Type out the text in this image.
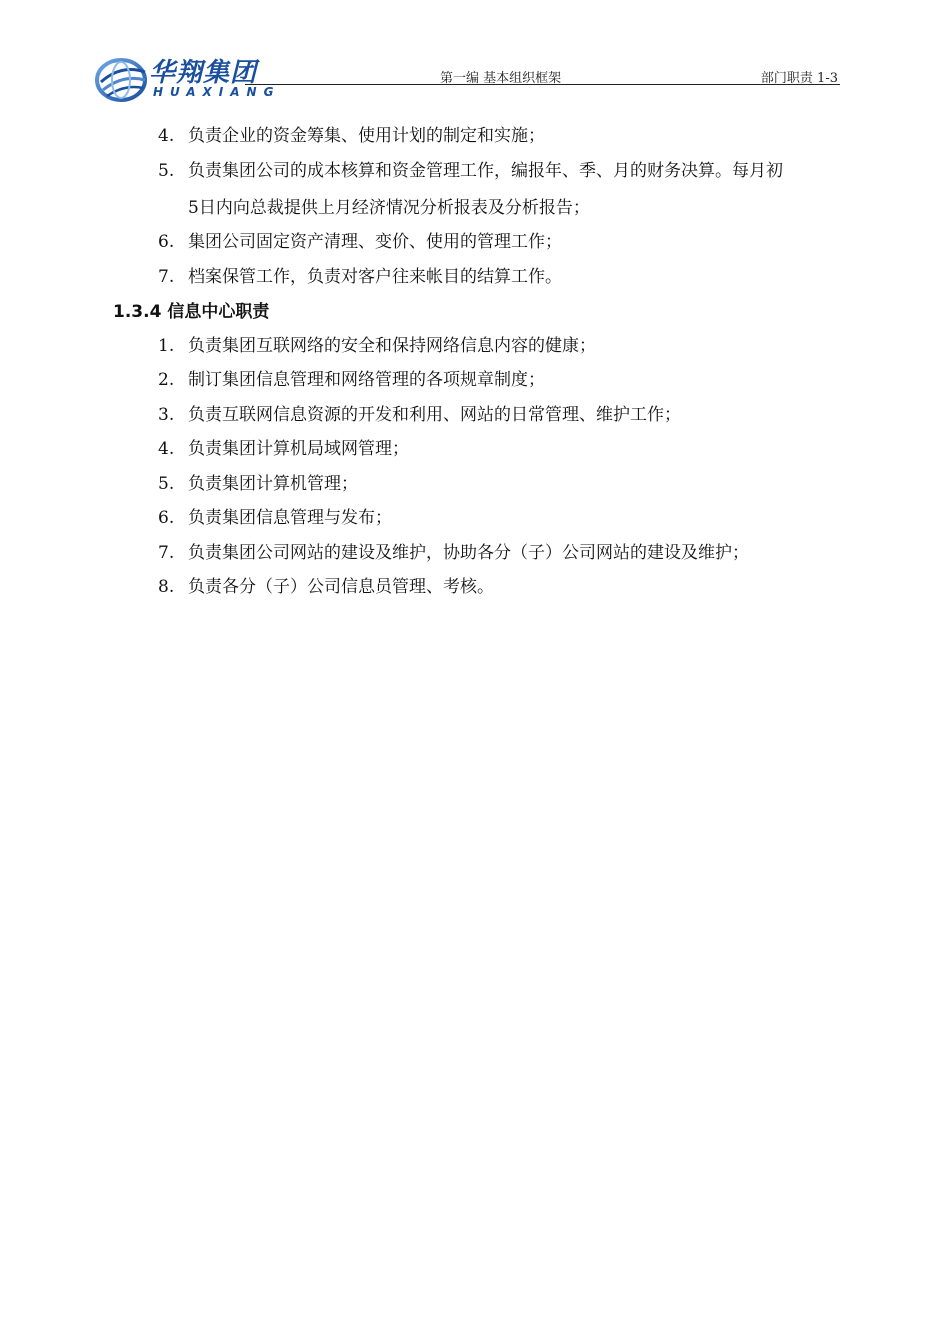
华翔集团
HUAXIANG
第一编 基本组织框架	部门职责 1-3
4. 负责企业的资金筹集、使用计划的制定和实施；
5. 负责集团公司的成本核算和资金管理工作，编报年、季、月的财务决算。每月初
5日内向总裁提供上月经济情况分析报表及分析报告；
6. 集团公司固定资产清理、变价、使用的管理工作；
7. 档案保管工作，负责对客户往来帐目的结算工作。
1.3.4 信息中心职责
1. 负责集团互联网络的安全和保持网络信息内容的健康；
2. 制订集团信息管理和网络管理的各项规章制度；
3. 负责互联网信息资源的开发和利用、网站的日常管理、维护工作；
4. 负责集团计算机局域网管理；
5. 负责集团计算机管理；
6. 负责集团信息管理与发布；
7. 负责集团公司网站的建设及维护，协助各分（子）公司网站的建设及维护；
8. 负责各分（子）公司信息员管理、考核。
